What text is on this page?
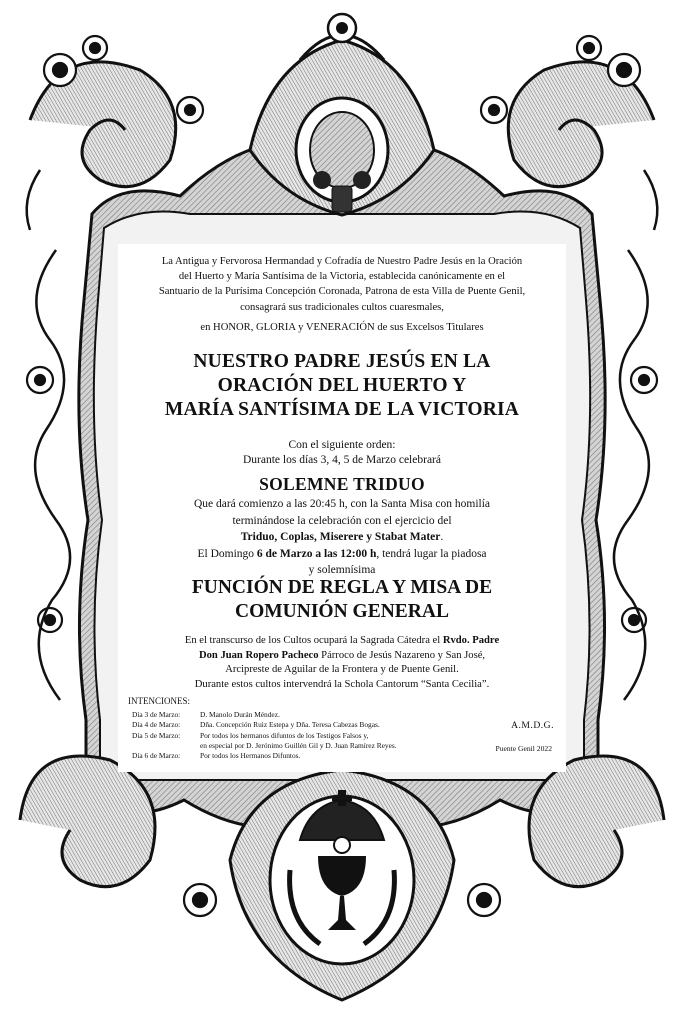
La Antigua y Fervorosa Hermandad y Cofradía de Nuestro Padre Jesús en la Oración
del Huerto y María Santísima de la Victoria, establecida canónicamente en el
Santuario de la Purísima Concepción Coronada, Patrona de esta Villa de Puente Genil,
consagrará sus tradicionales cultos cuaresmales,
en HONOR, GLORIA y VENERACIÓN de sus Excelsos Titulares
NUESTRO PADRE JESÚS EN LA
ORACIÓN DEL HUERTO Y
MARÍA SANTÍSIMA DE LA VICTORIA
Con el siguiente orden:
Durante los días 3, 4, 5 de Marzo celebrará
SOLEMNE TRIDUO
Que dará comienzo a las 20:45 h, con la Santa Misa con homilía
terminándose la celebración con el ejercicio del
Triduo, Coplas, Miserere y Stabat Mater.
El Domingo 6 de Marzo a las 12:00 h, tendrá lugar la piadosa
y solemnísima
FUNCIÓN DE REGLA Y MISA DE
COMUNIÓN GENERAL
En el transcurso de los Cultos ocupará la Sagrada Cátedra el Rvdo. Padre
Don Juan Ropero Pacheco Párroco de Jesús Nazareno y San José,
Arcipreste de Aguilar de la Frontera y de Puente Genil.
Durante estos cultos intervendrá la Schola Cantorum “Santa Cecilia”.
INTENCIONES:
Día 3 de Marzo:	D. Manolo Durán Méndez.
Día 4 de Marzo:	Dña. Concepción Ruiz Estepa y Dña. Teresa Cabezas Bogas.
Día 5 de Marzo:	Por todos los hermanos difuntos de los Testigos Falsos y,
en especial por D. Jerónimo Guillén Gil y D. Juan Ramírez Reyes.
Día 6 de Marzo:	Por todos los Hermanos Difuntos.
A.M.D.G.
Puente Genil 2022
